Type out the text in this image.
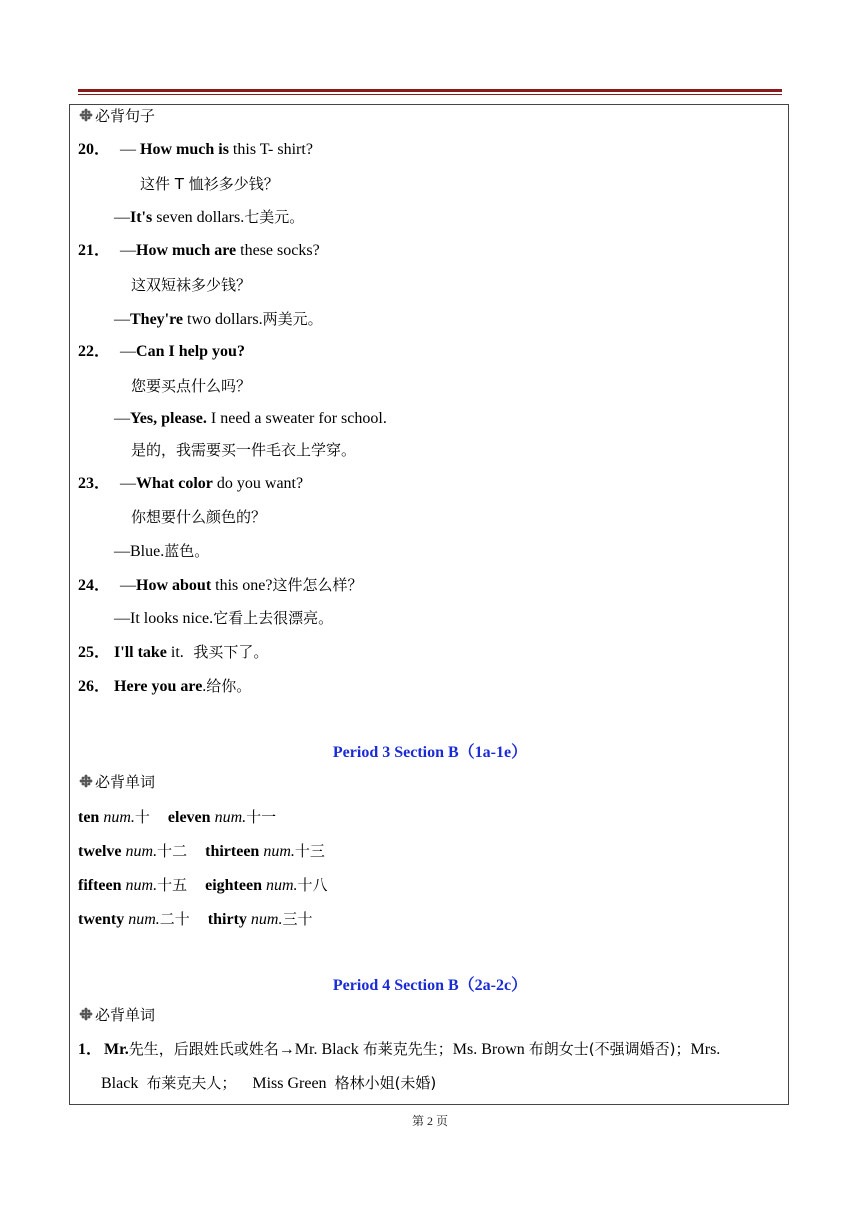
必背句子
20． — How much is this T- shirt?
这件 T 恤衫多少钱？
—It's seven dollars.七美元。
21． —How much are these socks?
这双短袜多少钱？
—They're two dollars.两美元。
22． —Can I help you?
您要买点什么吗？
—Yes, please. I need a sweater for school.
是的，我需要买一件毛衣上学穿。
23． —What color do you want?
你想要什么颜色的？
—Blue.蓝色。
24． —How about this one?这件怎么样？
—It looks nice.它看上去很漂亮。
25． I'll take it.  我买下了。
26． Here you are.给你。
Period 3 Section B（1a-1e）
必背单词
ten num.十 eleven num.十一
twelve num.十二 thirteen num.十三
fifteen num.十五 eighteen num.十八
twenty num.二十 thirty num.三十
Period 4 Section B（2a-2c）
必背单词
1． Mr.先生，后跟姓氏或姓名→Mr. Black 布莱克先生；Ms. Brown 布朗女士(不强调婚否)；Mrs.
Black  布莱克夫人；    Miss Green  格林小姐(未婚)
第 2 页
